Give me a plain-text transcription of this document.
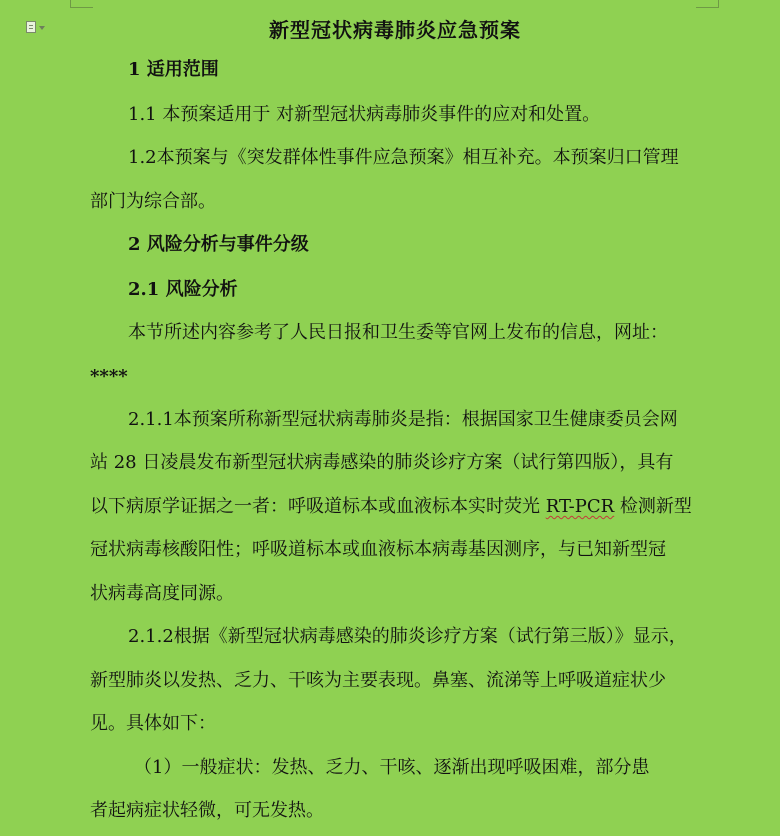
新型冠状病毒肺炎应急预案
1 适用范围
1.1 本预案适用于 对新型冠状病毒肺炎事件的应对和处置。
1.2本预案与《突发群体性事件应急预案》相互补充。本预案归口管理
部门为综合部。
2 风险分析与事件分级
2.1 风险分析
本节所述内容参考了人民日报和卫生委等官网上发布的信息，网址：
****
2.1.1本预案所称新型冠状病毒肺炎是指：根据国家卫生健康委员会网
站 28 日凌晨发布新型冠状病毒感染的肺炎诊疗方案（试行第四版），具有
以下病原学证据之一者：呼吸道标本或血液标本实时荧光 RT-PCR 检测新型
冠状病毒核酸阳性；呼吸道标本或血液标本病毒基因测序，与已知新型冠
状病毒高度同源。
2.1.2根据《新型冠状病毒感染的肺炎诊疗方案（试行第三版）》显示，
新型肺炎以发热、乏力、干咳为主要表现。鼻塞、流涕等上呼吸道症状少
见。具体如下：
（1）一般症状：发热、乏力、干咳、逐渐出现呼吸困难，部分患
者起病症状轻微，可无发热。
